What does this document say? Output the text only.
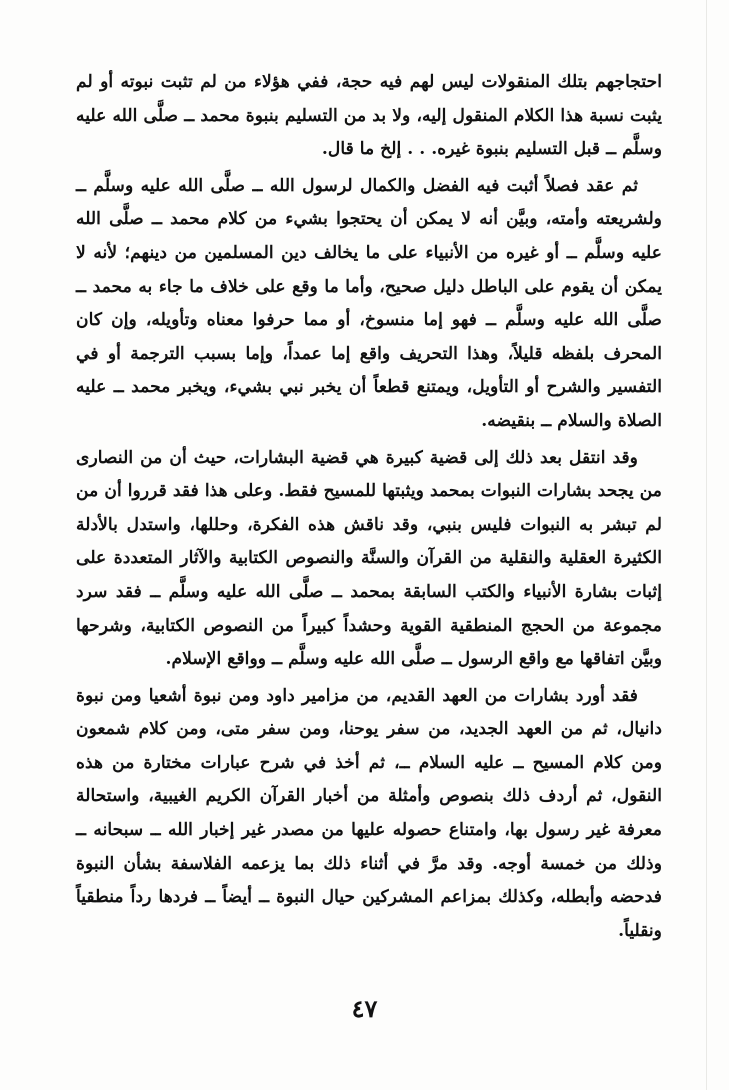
احتجاجهم بتلك المنقولات ليس لهم فيه حجة، ففي هؤلاء من لم تثبت نبوته أو لم يثبت نسبة هذا الكلام المنقول إليه، ولا بد من التسليم بنبوة محمد ــ صلَّى الله عليه وسلَّم ــ قبل التسليم بنبوة غيره. . . إلخ ما قال.

ثم عقد فصلاً أثبت فيه الفضل والكمال لرسول الله ــ صلَّى الله عليه وسلَّم ــ ولشريعته وأمته، وبيَّن أنه لا يمكن أن يحتجوا بشيء من كلام محمد ــ صلَّى الله عليه وسلَّم ــ أو غيره من الأنبياء على ما يخالف دين المسلمين من دينهم؛ لأنه لا يمكن أن يقوم على الباطل دليل صحيح، وأما ما وقع على خلاف ما جاء به محمد ــ صلَّى الله عليه وسلَّم ــ فهو إما منسوخ، أو مما حرفوا معناه وتأويله، وإن كان المحرف بلفظه قليلاً، وهذا التحريف واقع إما عمداً، وإما بسبب الترجمة أو في التفسير والشرح أو التأويل، ويمتنع قطعاً أن يخبر نبي بشيء، ويخبر محمد ــ عليه الصلاة والسلام ــ بنقيضه.

وقد انتقل بعد ذلك إلى قضية كبيرة هي قضية البشارات، حيث أن من النصارى من يجحد بشارات النبوات بمحمد ويثبتها للمسيح فقط. وعلى هذا فقد قرروا أن من لم تبشر به النبوات فليس بنبي، وقد ناقش هذه الفكرة، وحللها، واستدل بالأدلة الكثيرة العقلية والنقلية من القرآن والسنَّة والنصوص الكتابية والآثار المتعددة على إثبات بشارة الأنبياء والكتب السابقة بمحمد ــ صلَّى الله عليه وسلَّم ــ فقد سرد مجموعة من الحجج المنطقية القوية وحشداً كبيراً من النصوص الكتابية، وشرحها وبيَّن اتفاقها مع واقع الرسول ــ صلَّى الله عليه وسلَّم ــ وواقع الإسلام.

فقد أورد بشارات من العهد القديم، من مزامير داود ومن نبوة أشعيا ومن نبوة دانيال، ثم من العهد الجديد، من سفر يوحنا، ومن سفر متى، ومن كلام شمعون ومن كلام المسيح ــ عليه السلام ــ، ثم أخذ في شرح عبارات مختارة من هذه النقول، ثم أردف ذلك بنصوص وأمثلة من أخبار القرآن الكريم الغيبية، واستحالة معرفة غير رسول بها، وامتناع حصوله عليها من مصدر غير إخبار الله ــ سبحانه ــ وذلك من خمسة أوجه. وقد مرَّ في أثناء ذلك بما يزعمه الفلاسفة بشأن النبوة فدحضه وأبطله، وكذلك بمزاعم المشركين حيال النبوة ــ أيضاً ــ فردها رداً منطقياً ونقلياً.

٤٧
